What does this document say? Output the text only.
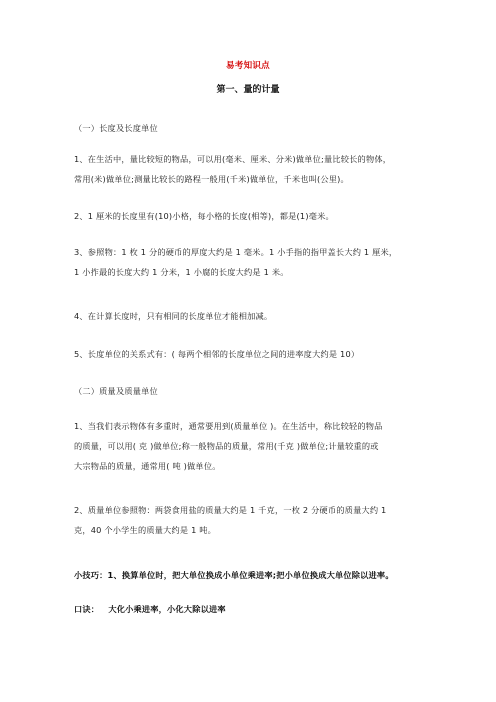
易考知识点
第一、量的计量
（一）长度及长度单位
1、在生活中，量比较短的物品，可以用(毫米、厘米、分米)做单位;量比较长的物体，
常用(米)做单位;测量比较长的路程一般用(千米)做单位，千米也叫(公里)。
2、1 厘米的长度里有(10)小格，每小格的长度(相等)，都是(1)毫米。
3、参照物：1 枚 1 分的硬币的厚度大约是 1 毫米。1 小手指的指甲盖长大约 1 厘米，
1 小拃最的长度大约 1 分米，1 小腐的长度大约是 1 米。
4、在计算长度时，只有相同的长度单位才能相加减。
5、长度单位的关系式有：( 每两个相邻的长度单位之间的进率度大约是 10）
（二）质量及质量单位
1、当我们表示物体有多重时，通常要用到(质量单位 )。在生活中，称比较轻的物品
的质量，可以用( 克 )做单位;称一般物品的质量，常用(千克 )做单位;计量较重的或
大宗物品的质量，通常用( 吨 )做单位。
2、质量单位参照物：两袋食用盐的质量大约是 1 千克，一枚 2 分硬币的质量大约 1
克，40 个小学生的质量大约是 1 吨。
小技巧：1、换算单位时，把大单位换成小单位乘进率;把小单位换成大单位除以进率。
口诀：   大化小乘进率，小化大除以进率
